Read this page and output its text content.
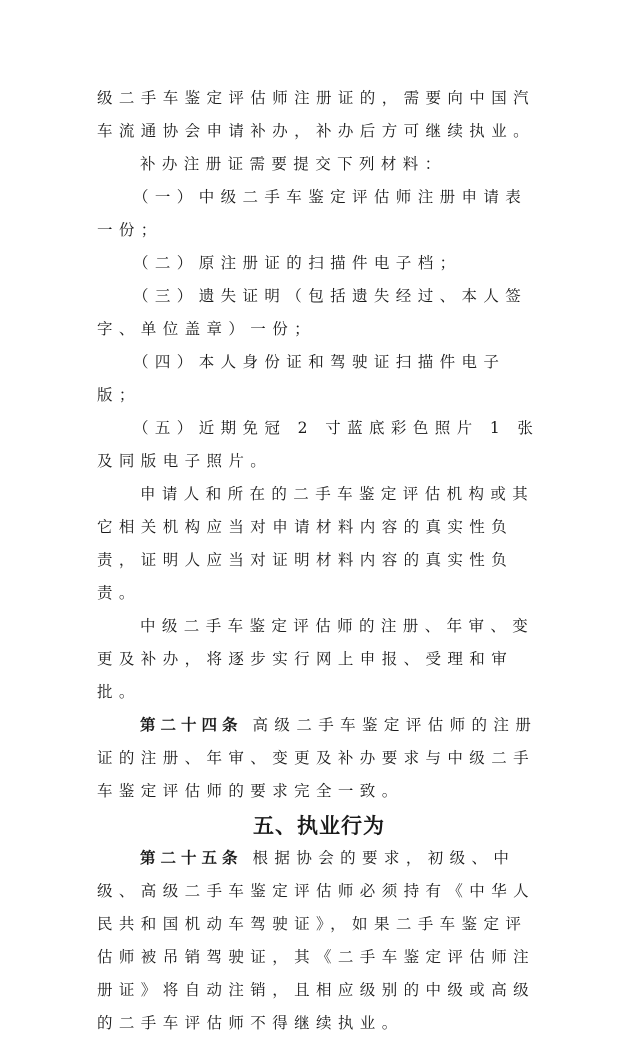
级二手车鉴定评估师注册证的，需要向中国汽车流通协会申请补办，补办后方可继续执业。

补办注册证需要提交下列材料：

（一）中级二手车鉴定评估师注册申请表一份；

（二）原注册证的扫描件电子档；

（三）遗失证明（包括遗失经过、本人签字、单位盖章）一份；

（四）本人身份证和驾驶证扫描件电子版；

（五）近期免冠 2 寸蓝底彩色照片 1 张及同版电子照片。

申请人和所在的二手车鉴定评估机构或其它相关机构应当对申请材料内容的真实性负责，证明人应当对证明材料内容的真实性负责。

中级二手车鉴定评估师的注册、年审、变更及补办，将逐步实行网上申报、受理和审批。

第二十四条 高级二手车鉴定评估师的注册证的注册、年审、变更及补办要求与中级二手车鉴定评估师的要求完全一致。

五、执业行为

第二十五条 根据协会的要求，初级、中级、高级二手车鉴定评估师必须持有《中华人民共和国机动车驾驶证》，如果二手车鉴定评估师被吊销驾驶证，其《二手车鉴定评估师注册证》将自动注销，且相应级别的中级或高级的二手车评估师不得继续执业。
